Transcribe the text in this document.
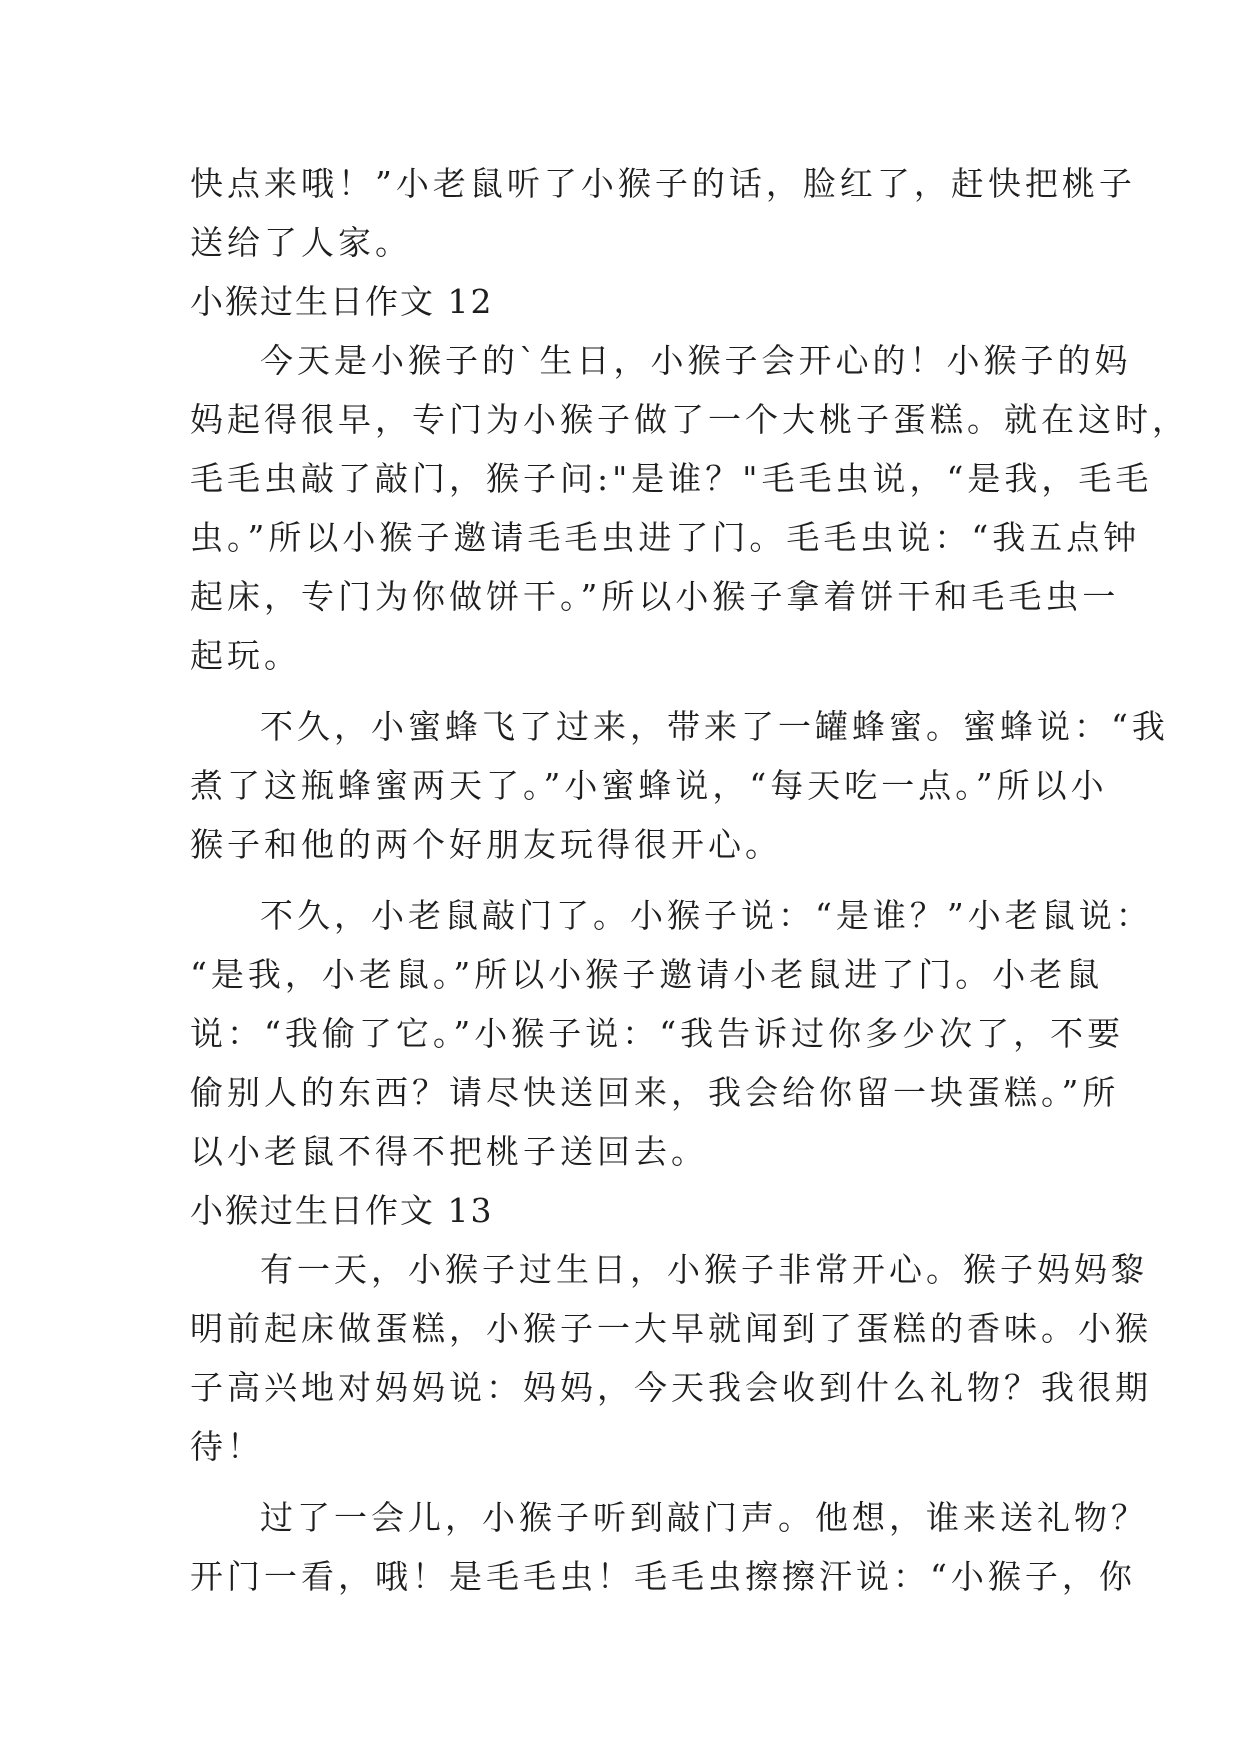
快点来哦！”小老鼠听了小猴子的话，脸红了，赶快把桃子
送给了人家。
小猴过生日作文 12
今天是小猴子的`生日，小猴子会开心的！小猴子的妈
妈起得很早，专门为小猴子做了一个大桃子蛋糕。就在这时，
毛毛虫敲了敲门，猴子问:"是谁？"毛毛虫说，“是我，毛毛
虫。”所以小猴子邀请毛毛虫进了门。毛毛虫说：“我五点钟
起床，专门为你做饼干。”所以小猴子拿着饼干和毛毛虫一
起玩。
不久，小蜜蜂飞了过来，带来了一罐蜂蜜。蜜蜂说：“我
煮了这瓶蜂蜜两天了。”小蜜蜂说，“每天吃一点。”所以小
猴子和他的两个好朋友玩得很开心。
不久，小老鼠敲门了。小猴子说：“是谁？”小老鼠说：
“是我，小老鼠。”所以小猴子邀请小老鼠进了门。小老鼠
说：“我偷了它。”小猴子说：“我告诉过你多少次了，不要
偷别人的东西？请尽快送回来，我会给你留一块蛋糕。”所
以小老鼠不得不把桃子送回去。
小猴过生日作文 13
有一天，小猴子过生日，小猴子非常开心。猴子妈妈黎
明前起床做蛋糕，小猴子一大早就闻到了蛋糕的香味。小猴
子高兴地对妈妈说：妈妈，今天我会收到什么礼物？我很期
待！
过了一会儿，小猴子听到敲门声。他想，谁来送礼物？
开门一看，哦！是毛毛虫！毛毛虫擦擦汗说：“小猴子，你
